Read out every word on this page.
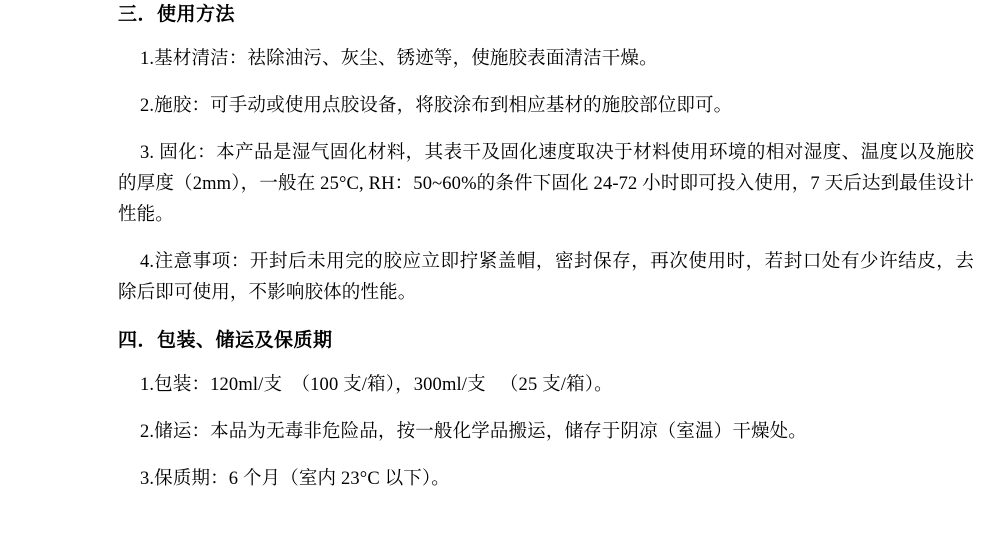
三．使用方法

1.基材清洁：祛除油污、灰尘、锈迹等，使施胶表面清洁干燥。

2.施胶：可手动或使用点胶设备，将胶涂布到相应基材的施胶部位即可。

3. 固化：本产品是湿气固化材料，其表干及固化速度取决于材料使用环境的相对湿度、温度以及施胶的厚度（2mm），一般在 25°C, RH：50~60%的条件下固化 24-72 小时即可投入使用，7 天后达到最佳设计性能。

4.注意事项：开封后未用完的胶应立即拧紧盖帽，密封保存，再次使用时，若封口处有少许结皮，去除后即可使用，不影响胶体的性能。

四．包装、储运及保质期

1.包装：120ml/支　（100 支/箱），300ml/支 　（25 支/箱）。

2.储运：本品为无毒非危险品，按一般化学品搬运，储存于阴凉（室温）干燥处。

3.保质期：6 个月（室内 23°C 以下）。
